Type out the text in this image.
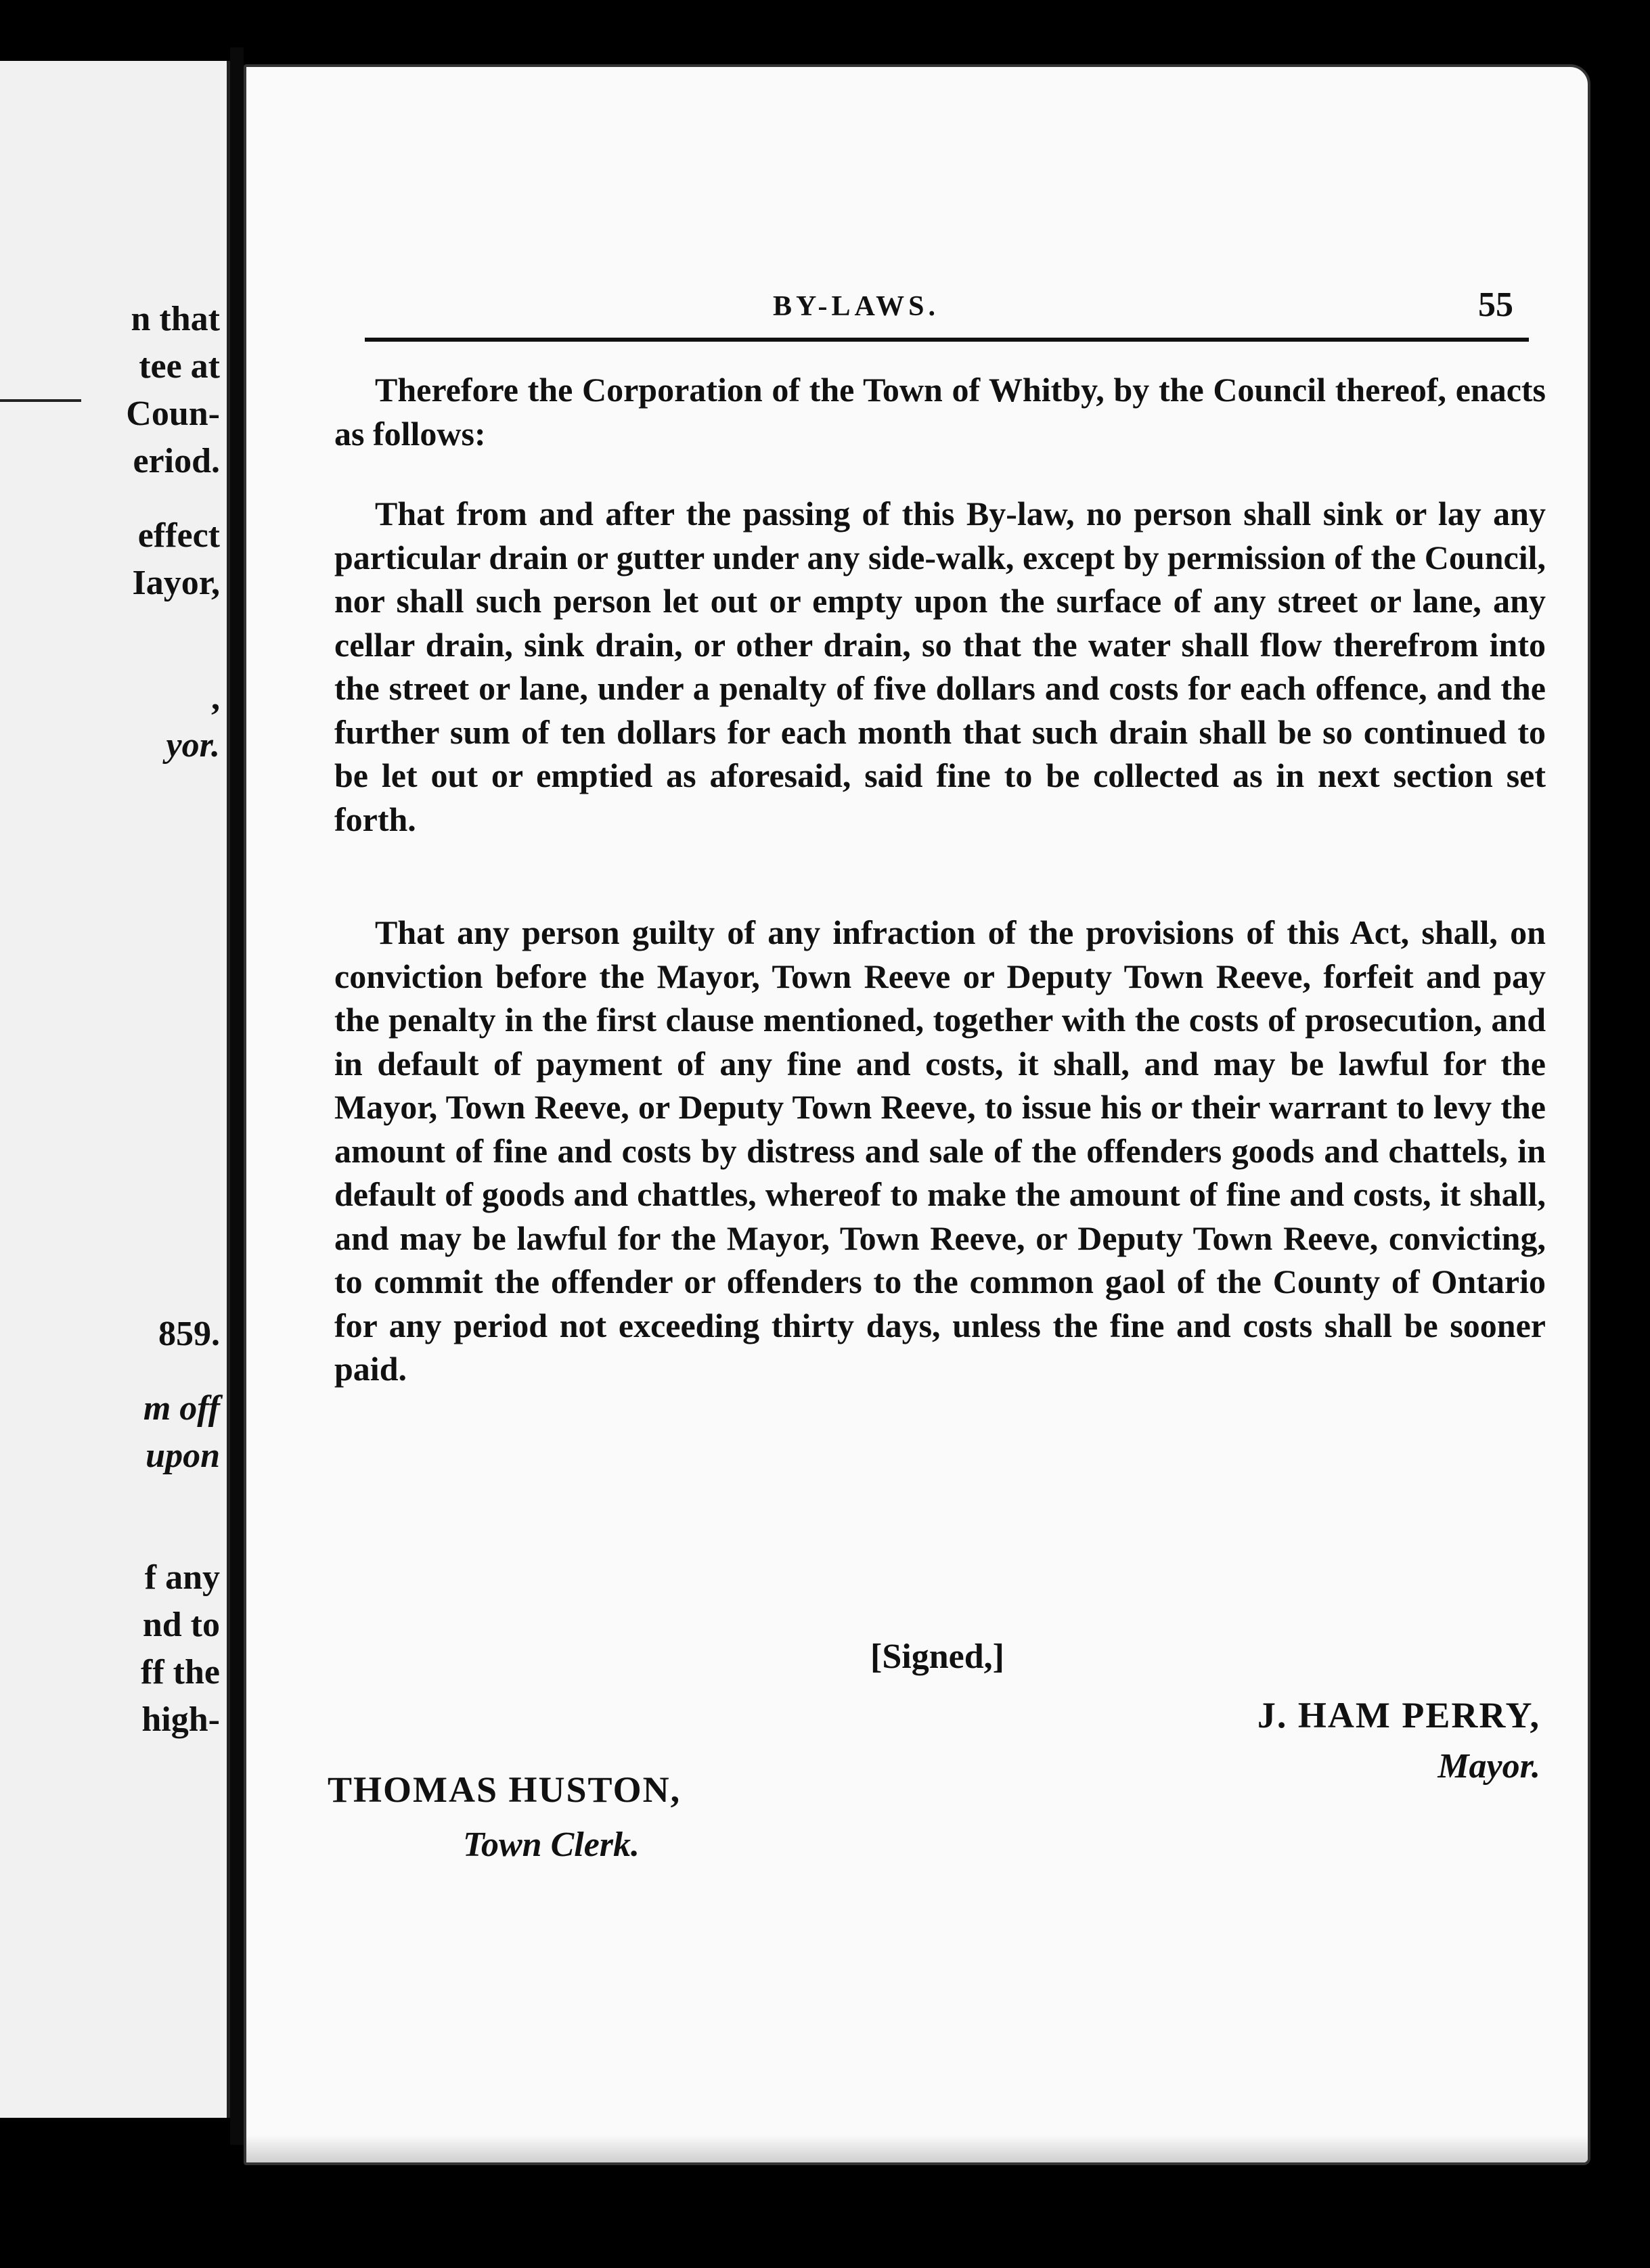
n that
tee at
Coun-
eriod.
effect
Iayor,
,
yor.
859.
m off
upon
f any
nd to
ff the
high-
BY-LAWS.	55

Therefore the Corporation of the Town of Whitby, by the Council thereof, enacts as follows:

That from and after the passing of this By-law, no person shall sink or lay any particular drain or gutter under any side-walk, except by permission of the Council, nor shall such person let out or empty upon the surface of any street or lane, any cellar drain, sink drain, or other drain, so that the water shall flow therefrom into the street or lane, under a penalty of five dollars and costs for each offence, and the further sum of ten dollars for each month that such drain shall be so continued to be let out or emptied as aforesaid, said fine to be collected as in next section set forth.

That any person guilty of any infraction of the provisions of this Act, shall, on conviction before the Mayor, Town Reeve or Deputy Town Reeve, forfeit and pay the penalty in the first clause mentioned, together with the costs of prosecution, and in default of payment of any fine and costs, it shall, and may be lawful for the Mayor, Town Reeve, or Deputy Town Reeve, to issue his or their warrant to levy the amount of fine and costs by distress and sale of the offenders goods and chattels, in default of goods and chattles, whereof to make the amount of fine and costs, it shall, and may be lawful for the Mayor, Town Reeve, or Deputy Town Reeve, convicting, to commit the offender or offenders to the common gaol of the County of Ontario for any period not exceeding thirty days, unless the fine and costs shall be sooner paid.

[Signed,]
J. HAM PERRY,
Mayor.
THOMAS HUSTON,
Town Clerk.
